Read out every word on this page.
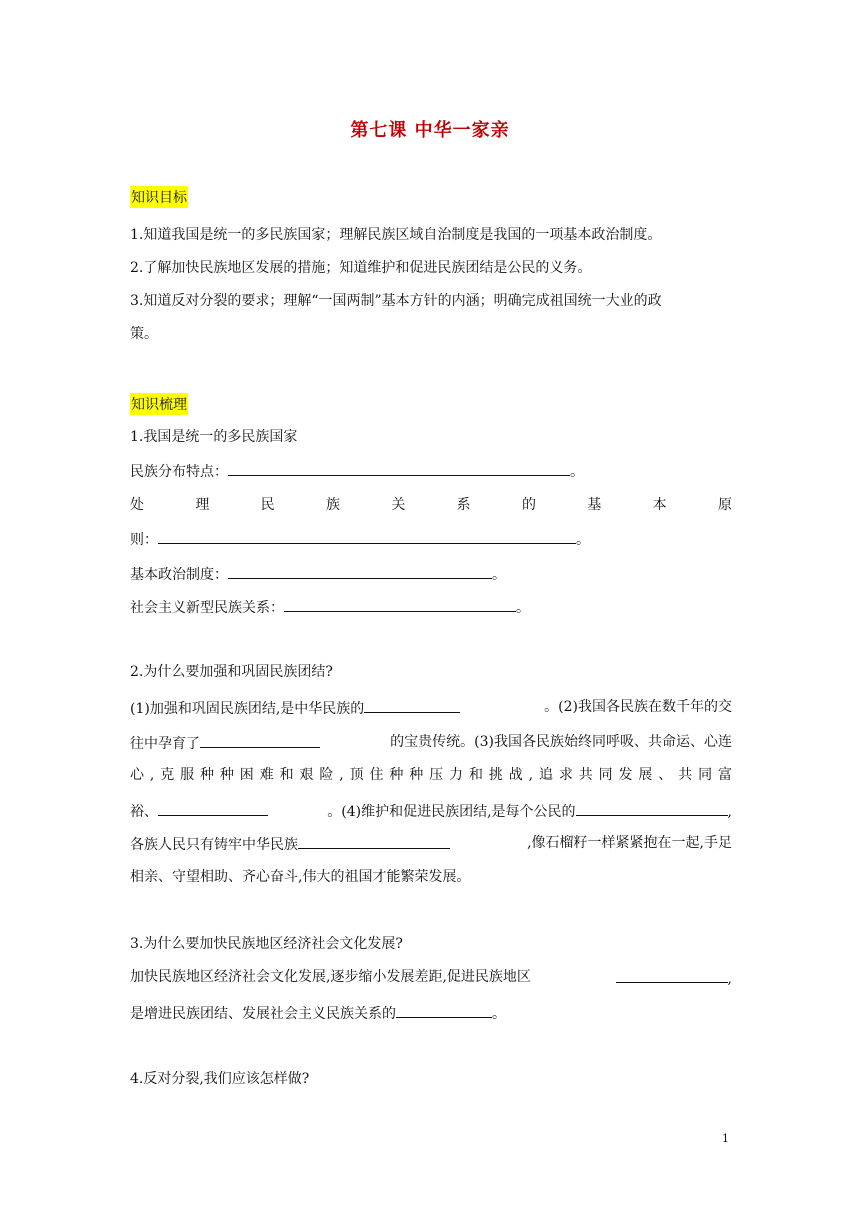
第七课 中华一家亲
知识目标
1.知道我国是统一的多民族国家；理解民族区域自治制度是我国的一项基本政治制度。
2.了解加快民族地区发展的措施；知道维护和促进民族团结是公民的义务。
3.知道反对分裂的要求；理解“一国两制”基本方针的内涵；明确完成祖国统一大业的政
策。
知识梳理
1.我国是统一的多民族国家
民族分布特点：	。
处	理	民	族	关	系	的	基	本	原
则：	。
基本政治制度：	。
社会主义新型民族关系：	。
2.为什么要加强和巩固民族团结?
(1)加强和巩固民族团结,是中华民族的	。(2)我国各民族在数千年的交
往中孕育了	的宝贵传统。(3)我国各民族始终同呼吸、共命运、心连
心 , 克 服 种 种 困 难 和 艰 险 , 顶 住 种 种 压 力 和 挑 战 , 追 求 共 同 发 展 、 共 同 富
裕、	。(4)维护和促进民族团结,是每个公民的	,
各族人民只有铸牢中华民族	,像石榴籽一样紧紧抱在一起,手足
相亲、守望相助、齐心奋斗,伟大的祖国才能繁荣发展。
3.为什么要加快民族地区经济社会文化发展?
加快民族地区经济社会文化发展,逐步缩小发展差距,促进民族地区	,
是增进民族团结、发展社会主义民族关系的	。
4.反对分裂,我们应该怎样做?
1
